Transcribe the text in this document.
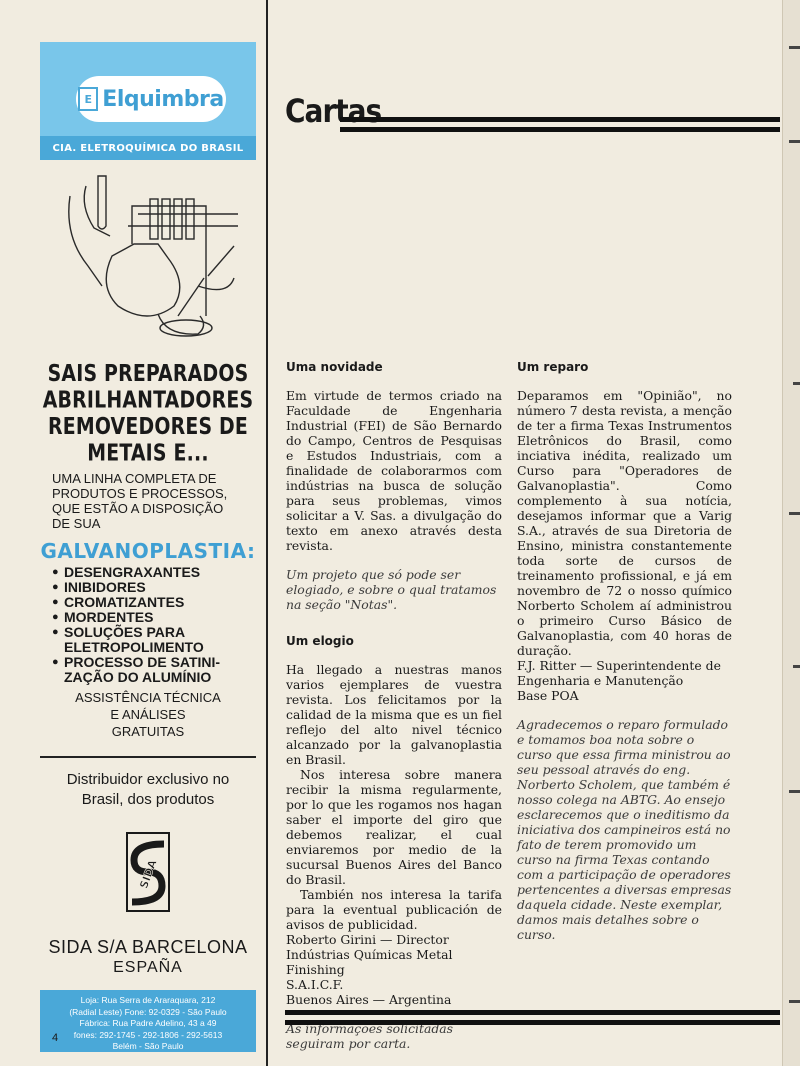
E Elquimbra
CIA. ELETROQUÍMICA DO BRASIL
SAIS PREPARADOS
ABRILHANTADORES
REMOVEDORES DE
METAIS E...
UMA LINHA COMPLETA DE
PRODUTOS E PROCESSOS,
QUE ESTÃO A DISPOSIÇÃO
DE SUA
GALVANOPLASTIA:
● DESENGRAXANTES
● INIBIDORES
● CROMATIZANTES
● MORDENTES
● SOLUÇÕES PARA ELETROPOLIMENTO
● PROCESSO DE SATINI-ZAÇÃO DO ALUMÍNIO
ASSISTÊNCIA TÉCNICA
E ANÁLISES
GRATUITAS
Distribuidor exclusivo no
Brasil, dos produtos
SIDA
SIDA S/A BARCELONA
ESPAÑA
Loja: Rua Serra de Araraquara, 212
(Radial Leste) Fone: 92-0329 - São Paulo
Fábrica: Rua Padre Adelino, 43 a 49
fones: 292-1745 - 292-1806 - 292-5613
Belém - São Paulo
4
Cartas
Uma novidade

Em virtude de termos criado na Faculdade de Engenharia Industrial (FEI) de São Bernardo do Campo, Centros de Pesquisas e Estudos Industriais, com a finalidade de colaborarmos com indústrias na busca de solução para seus problemas, vimos solicitar a V. Sas. a divulgação do texto em anexo através desta revista.

Um projeto que só pode ser elogiado, e sobre o qual tratamos na seção "Notas".

Um elogio

Ha llegado a nuestras manos varios ejemplares de vuestra revista. Los felicitamos por la calidad de la misma que es un fiel reflejo del alto nivel técnico alcanzado por la galvanoplastia en Brasil.

Nos interesa sobre manera recibir la misma regularmente, por lo que les rogamos nos hagan saber el importe del giro que debemos realizar, el cual enviaremos por medio de la sucursal Buenos Aires del Banco do Brasil.

También nos interesa la tarifa para la eventual publicación de avisos de publicidad.

Roberto Girini — Director

Indústrias Químicas Metal Finishing

S.A.I.C.F.

Buenos Aires — Argentina

As informações solicitadas seguiram por carta.

Um reparo

Deparamos em "Opinião", no número 7 desta revista, a menção de ter a firma Texas Instrumentos Eletrônicos do Brasil, como inciativa inédita, realizado um Curso para "Operadores de Galvanoplastia". Como complemento à sua notícia, desejamos informar que a Varig S.A., através de sua Diretoria de Ensino, ministra constantemente toda sorte de cursos de treinamento profissional, e já em novembro de 72 o nosso químico Norberto Scholem aí administrou o primeiro Curso Básico de Galvanoplastia, com 40 horas de duração.

F.J. Ritter — Superintendente de

Engenharia e Manutenção

Base POA

Agradecemos o reparo formulado e tomamos boa nota sobre o curso que essa firma ministrou ao seu pessoal através do eng. Norberto Scholem, que também é nosso colega na ABTG. Ao ensejo esclarecemos que o ineditismo da iniciativa dos campineiros está no fato de terem promovido um curso na firma Texas contando com a participação de operadores pertencentes a diversas empresas daquela cidade. Neste exemplar, damos mais detalhes sobre o curso.
